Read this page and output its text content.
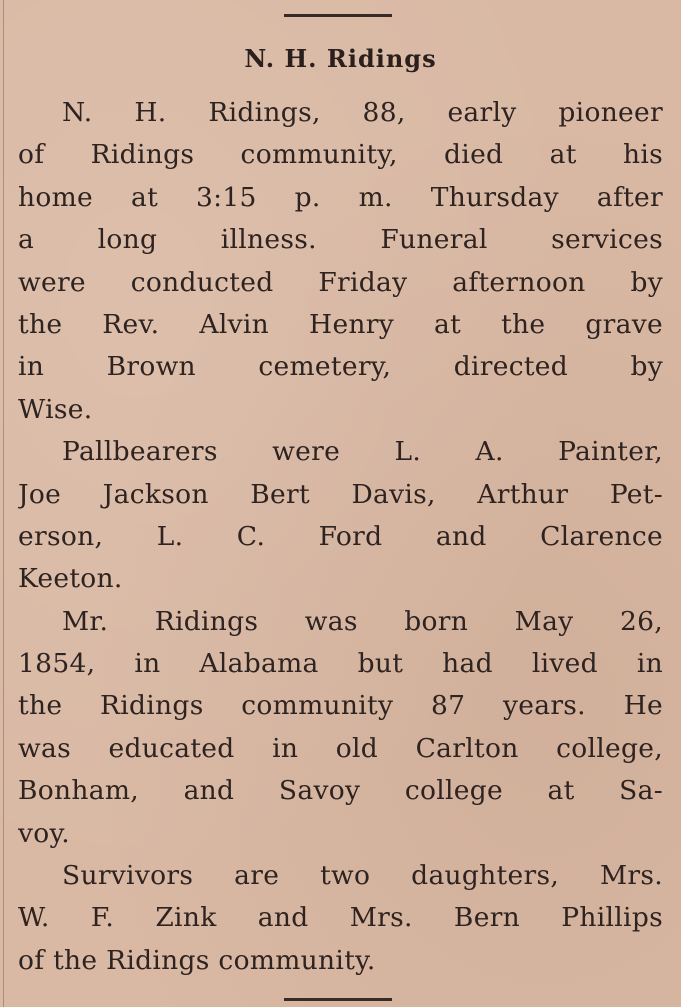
N. H. Ridings
N. H. Ridings, 88, early pioneer
of Ridings community, died at his
home at 3:15 p. m. Thursday after
a long illness. Funeral services
were conducted Friday afternoon by
the Rev. Alvin Henry at the grave
in Brown cemetery, directed by
Wise.
Pallbearers were L. A. Painter,
Joe Jackson Bert Davis, Arthur Pet-
erson, L. C. Ford and Clarence
Keeton.
Mr. Ridings was born May 26,
1854, in Alabama but had lived in
the Ridings community 87 years. He
was educated in old Carlton college,
Bonham, and Savoy college at Sa-
voy.
Survivors are two daughters, Mrs.
W. F. Zink and Mrs. Bern Phillips
of the Ridings community.
